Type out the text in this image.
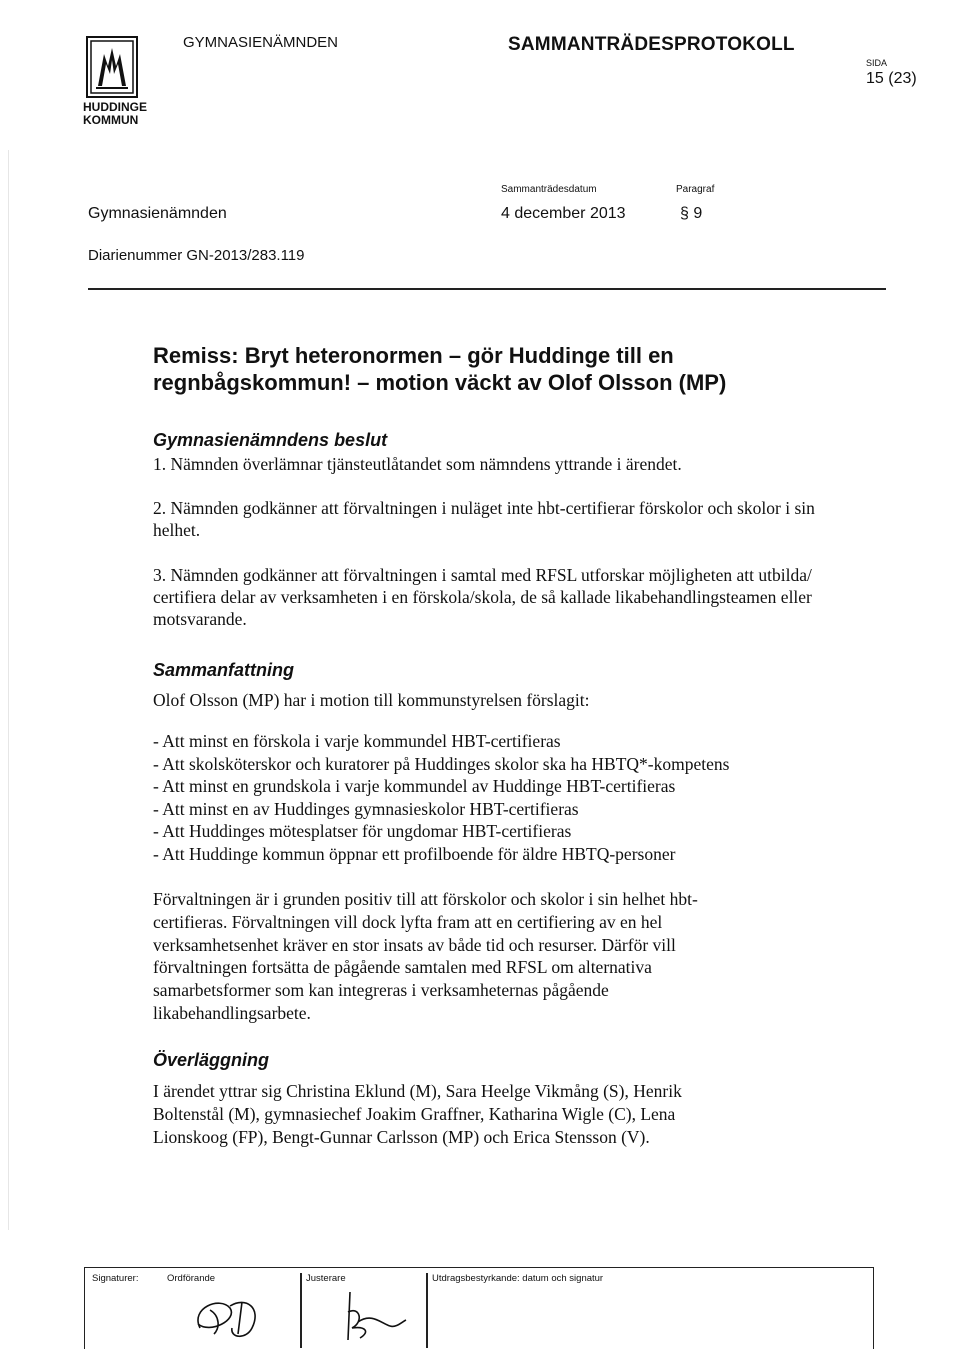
HUDDINGE
KOMMUN
GYMNASIENÄMNDEN	SAMMANTRÄDESPROTOKOLL
SIDA
15 (23)
Sammanträdesdatum	Paragraf
Gymnasienämnden	4 december 2013	§ 9
Diarienummer GN-2013/283.119
Remiss: Bryt heteronormen – gör Huddinge till en
regnbågskommun! – motion väckt av Olof Olsson (MP)
Gymnasienämndens beslut
1. Nämnden överlämnar tjänsteutlåtandet som nämndens yttrande i ärendet.
2. Nämnden godkänner att förvaltningen i nuläget inte hbt-certifierar förskolor och skolor i sin helhet.
3. Nämnden godkänner att förvaltningen i samtal med RFSL utforskar möjligheten att utbilda/ certifiera delar av verksamheten i en förskola/skola, de så kallade likabehandlingsteamen eller motsvarande.
Sammanfattning
Olof Olsson (MP) har i motion till kommunstyrelsen förslagit:
- Att minst en förskola i varje kommundel HBT-certifieras
- Att skolsköterskor och kuratorer på Huddinges skolor ska ha HBTQ*-kompetens
- Att minst en grundskola i varje kommundel av Huddinge HBT-certifieras
- Att minst en av Huddinges gymnasieskolor HBT-certifieras
- Att Huddinges mötesplatser för ungdomar HBT-certifieras
- Att Huddinge kommun öppnar ett profilboende för äldre HBTQ-personer
Förvaltningen är i grunden positiv till att förskolor och skolor i sin helhet hbt-certifieras. Förvaltningen vill dock lyfta fram att en certifiering av en hel verksamhetsenhet kräver en stor insats av både tid och resurser. Därför vill förvaltningen fortsätta de pågående samtalen med RFSL om alternativa samarbetsformer som kan integreras i verksamheternas pågående likabehandlingsarbete.
Överläggning
I ärendet yttrar sig Christina Eklund (M), Sara Heelge Vikmång (S), Henrik Boltenstål (M), gymnasiechef Joakim Graffner, Katharina Wigle (C), Lena Lionskoog (FP), Bengt-Gunnar Carlsson (MP) och Erica Stensson (V).
Signaturer:	Ordförande	Justerare	Utdragsbestyrkande: datum och signatur
